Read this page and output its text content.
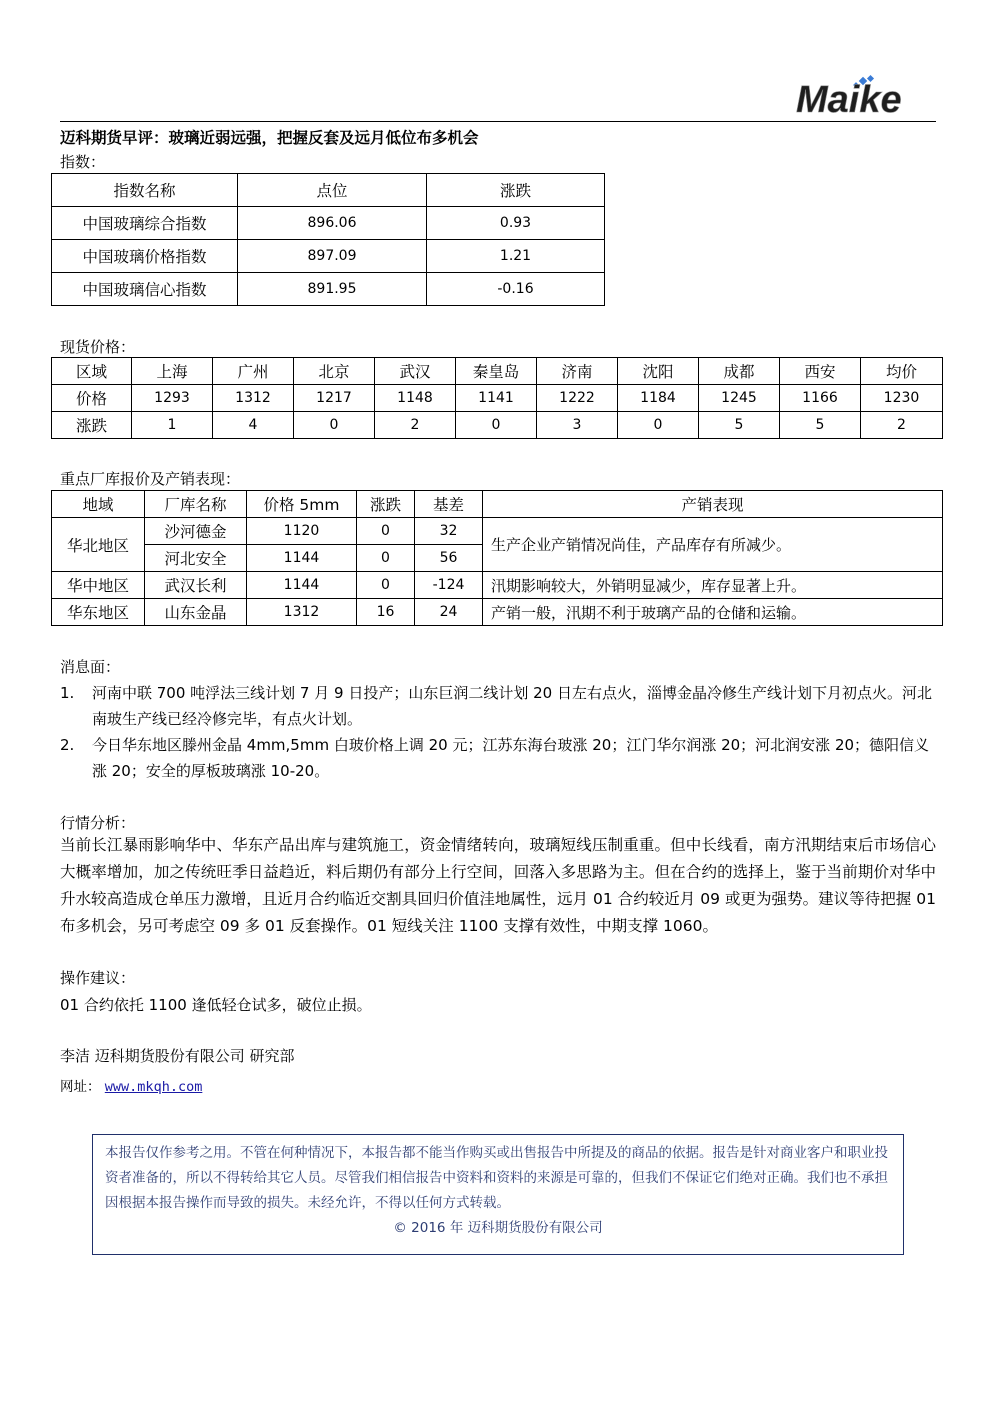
Maike
迈科期货早评：玻璃近弱远强，把握反套及远月低位布多机会
指数：
指数名称	点位	涨跌
中国玻璃综合指数	896.06	0.93
中国玻璃价格指数	897.09	1.21
中国玻璃信心指数	891.95	-0.16
现货价格：
区域	上海	广州	北京	武汉	秦皇岛	济南	沈阳	成都	西安	均价
价格	1293	1312	1217	1148	1141	1222	1184	1245	1166	1230
涨跌	1	4	0	2	0	3	0	5	5	2
重点厂库报价及产销表现：
地域	厂库名称	价格 5mm	涨跌	基差	产销表现
华北地区	沙河德金	1120	0	32	生产企业产销情况尚佳，产品库存有所减少。
	河北安全	1144	0	56	
华中地区	武汉长利	1144	0	-124	汛期影响较大，外销明显减少，库存显著上升。
华东地区	山东金晶	1312	16	24	产销一般，汛期不利于玻璃产品的仓储和运输。
消息面：
1. 河南中联 700 吨浮法三线计划 7 月 9 日投产；山东巨润二线计划 20 日左右点火，淄博金晶冷修生产线计划下月初点火。河北南玻生产线已经冷修完毕，有点火计划。
2. 今日华东地区滕州金晶 4mm,5mm 白玻价格上调 20 元；江苏东海台玻涨 20；江门华尔润涨 20；河北润安涨 20；德阳信义涨 20；安全的厚板玻璃涨 10-20。
行情分析：
当前长江暴雨影响华中、华东产品出库与建筑施工，资金情绪转向，玻璃短线压制重重。但中长线看，南方汛期结束后市场信心大概率增加，加之传统旺季日益趋近，料后期仍有部分上行空间，回落入多思路为主。但在合约的选择上，鉴于当前期价对华中升水较高造成仓单压力激增，且近月合约临近交割具回归价值洼地属性，远月 01 合约较近月 09 或更为强势。建议等待把握 01 布多机会，另可考虑空 09 多 01 反套操作。01 短线关注 1100 支撑有效性，中期支撑 1060。
操作建议：
01 合约依托 1100 逢低轻仓试多，破位止损。
李洁 迈科期货股份有限公司 研究部
网址： www.mkqh.com

本报告仅作参考之用。不管在何种情况下，本报告都不能当作购买或出售报告中所提及的商品的依据。报告是针对商业客户和职业投资者准备的，所以不得转给其它人员。尽管我们相信报告中资料和资料的来源是可靠的，但我们不保证它们绝对正确。我们也不承担因根据本报告操作而导致的损失。未经允许，不得以任何方式转载。

© 2016 年 迈科期货股份有限公司
